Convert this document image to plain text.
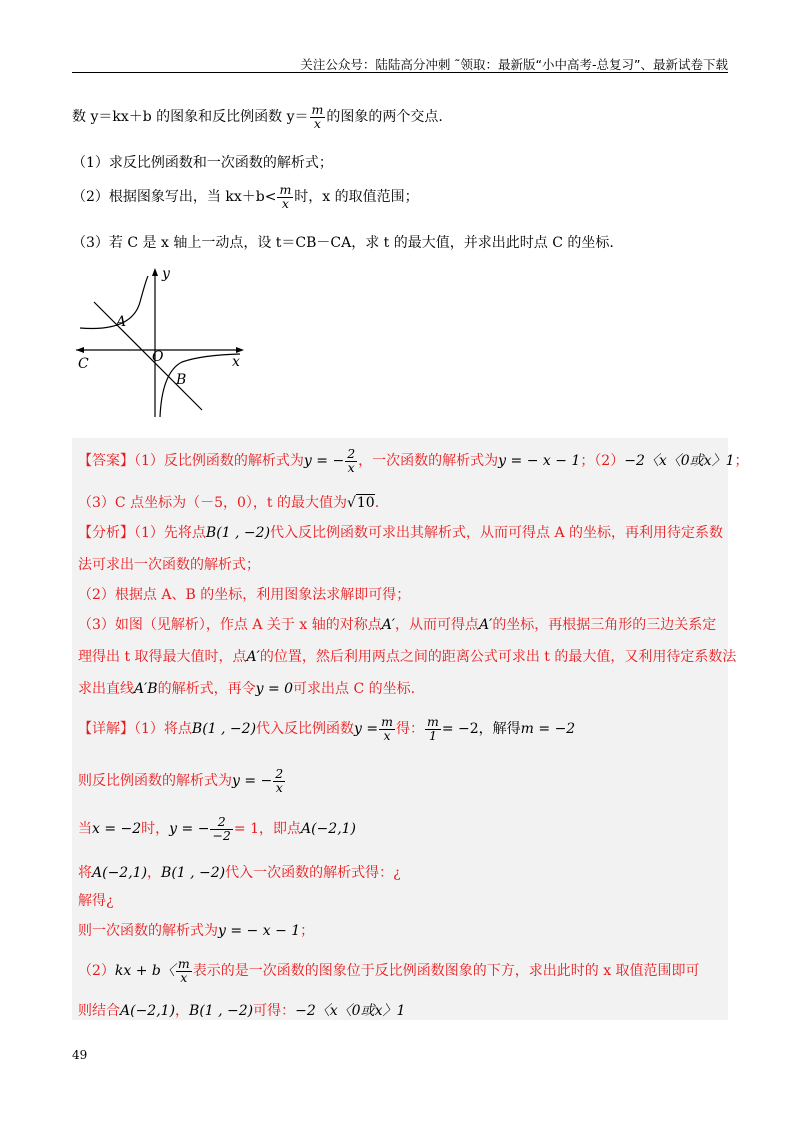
关注公众号：陆陆高分冲刺 ˜领取：最新版“小中高考-总复习”、最新试卷下载
数 y＝kx＋b 的图象和反比例函数 $y= \frac{m}{x}$ 的图象的两个交点.
（1）求反比例函数和一次函数的解析式；
（2）根据图象写出，当 $kx+b< \frac{m}{x}$ 时，x 的取值范围；
（3）若 C 是 x 轴上一动点，设 t＝CB－CA，求 t 的最大值，并求出此时点 C 的坐标.
A
B
O
C
y
x
【答案】（1）反比例函数的解析式为y = − $\frac{2}{x}$ ，一次函数的解析式为y = − x − 1；（2）−2〈x〈0或x〉1；
（3）C 点坐标为（－5，0），t 的最大值为√10.
【分析】（1）先将点B(1 , −2)代入反比例函数可求出其解析式，从而可得点 A 的坐标，再利用待定系数
法可求出一次函数的解析式；
（2）根据点 A、B 的坐标，利用图象法求解即可得；
（3）如图（见解析），作点 A 关于 x 轴的对称点A′，从而可得点A′的坐标，再根据三角形的三边关系定
理得出 t 取得最大值时，点A′的位置，然后利用两点之间的距离公式可求出 t 的最大值，又利用待定系数法
求出直线A′B的解析式，再令y = 0可求出点 C 的坐标.
【详解】（1）将点B(1 , −2)代入反比例函数$y = \frac{m}{x}$ 得： $\frac{m}{1} = -2$，解得m = −2
则反比例函数的解析式为y = − $\frac{2}{x}$
当x = −2时，y = − $\frac{2}{-2} = 1$，即点A(−2,1)
将A(−2,1)，B(1 , −2)代入一次函数的解析式得：¿
解得¿
则一次函数的解析式为y = − x − 1；
（2）kx + b〈 $\frac{m}{x}$ 表示的是一次函数的图象位于反比例函数图象的下方，求出此时的 x 取值范围即可
则结合A(−2,1)，B(1 , −2)可得：−2〈x〈0或x〉1
49
